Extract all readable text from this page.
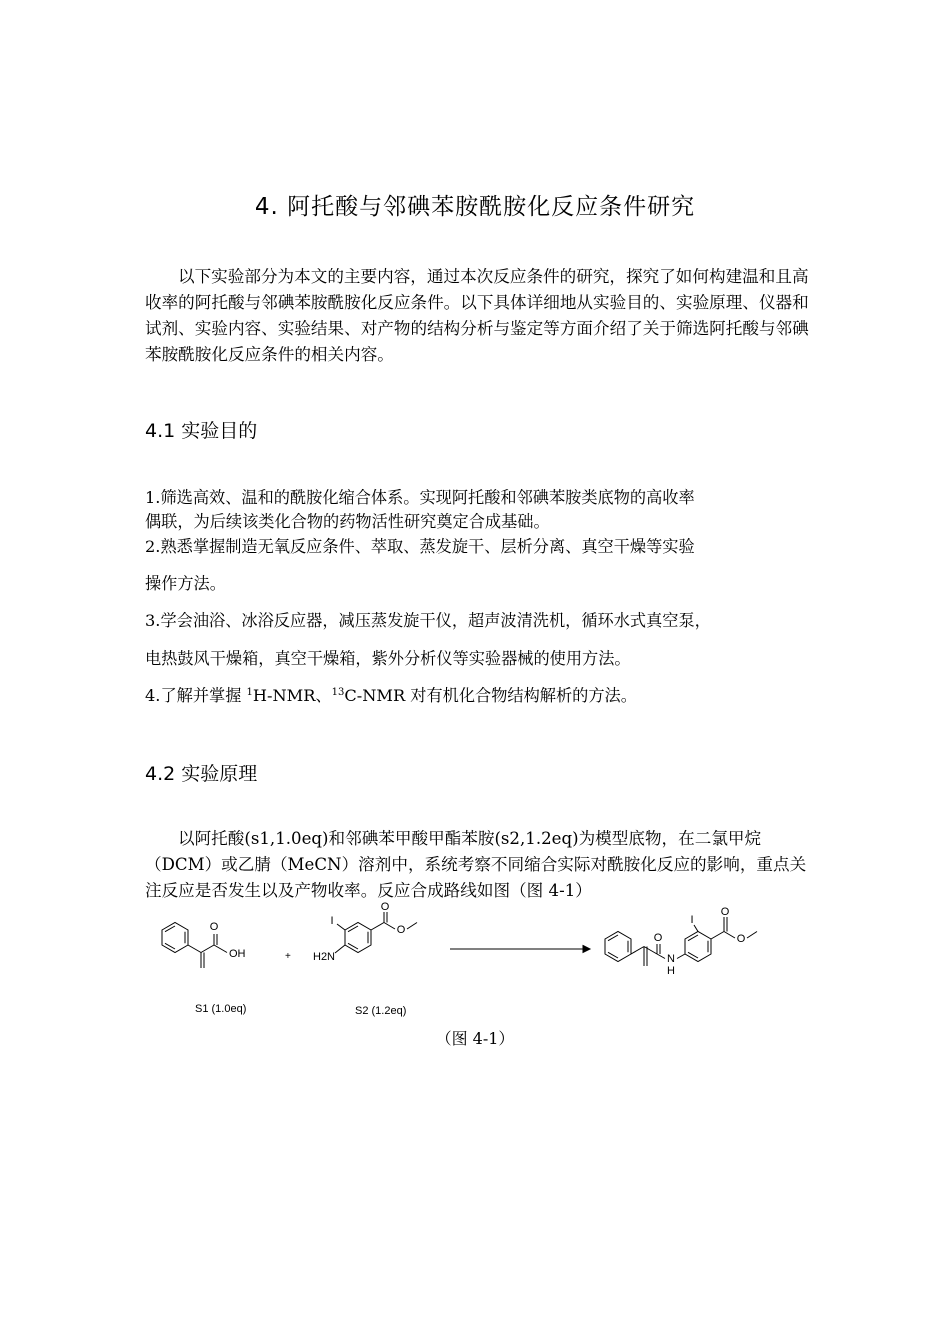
4. 阿托酸与邻碘苯胺酰胺化反应条件研究
以下实验部分为本文的主要内容，通过本次反应条件的研究，探究了如何构建温和且高收率的阿托酸与邻碘苯胺酰胺化反应条件。以下具体详细地从实验目的、实验原理、仪器和试剂、实验内容、实验结果、对产物的结构分析与鉴定等方面介绍了关于筛选阿托酸与邻碘苯胺酰胺化反应条件的相关内容。
4.1 实验目的
1.筛选高效、温和的酰胺化缩合体系。实现阿托酸和邻碘苯胺类底物的高收率
偶联，为后续该类化合物的药物活性研究奠定合成基础。
2.熟悉掌握制造无氧反应条件、萃取、蒸发旋干、层析分离、真空干燥等实验
操作方法。
3.学会油浴、冰浴反应器，减压蒸发旋干仪，超声波清洗机，循环水式真空泵，
电热鼓风干燥箱，真空干燥箱，紫外分析仪等实验器械的使用方法。
4.了解并掌握 $^1$H-NMR、$^{13}$C-NMR 对有机化合物结构解析的方法。
4.2 实验原理
以阿托酸(s1,1.0eq)和邻碘苯甲酸甲酯苯胺(s2,1.2eq)为模型底物，在二氯甲烷（DCM）或乙腈（MeCN）溶剂中，系统考察不同缩合实际对酰胺化反应的影响，重点关注反应是否发生以及产物收率。反应合成路线如图（图 4-1）
O
OH	+
I
H2N
O
O
O
N
H
I
O
O
S1 (1.0eq)	S2 (1.2eq)
（图 4-1）
